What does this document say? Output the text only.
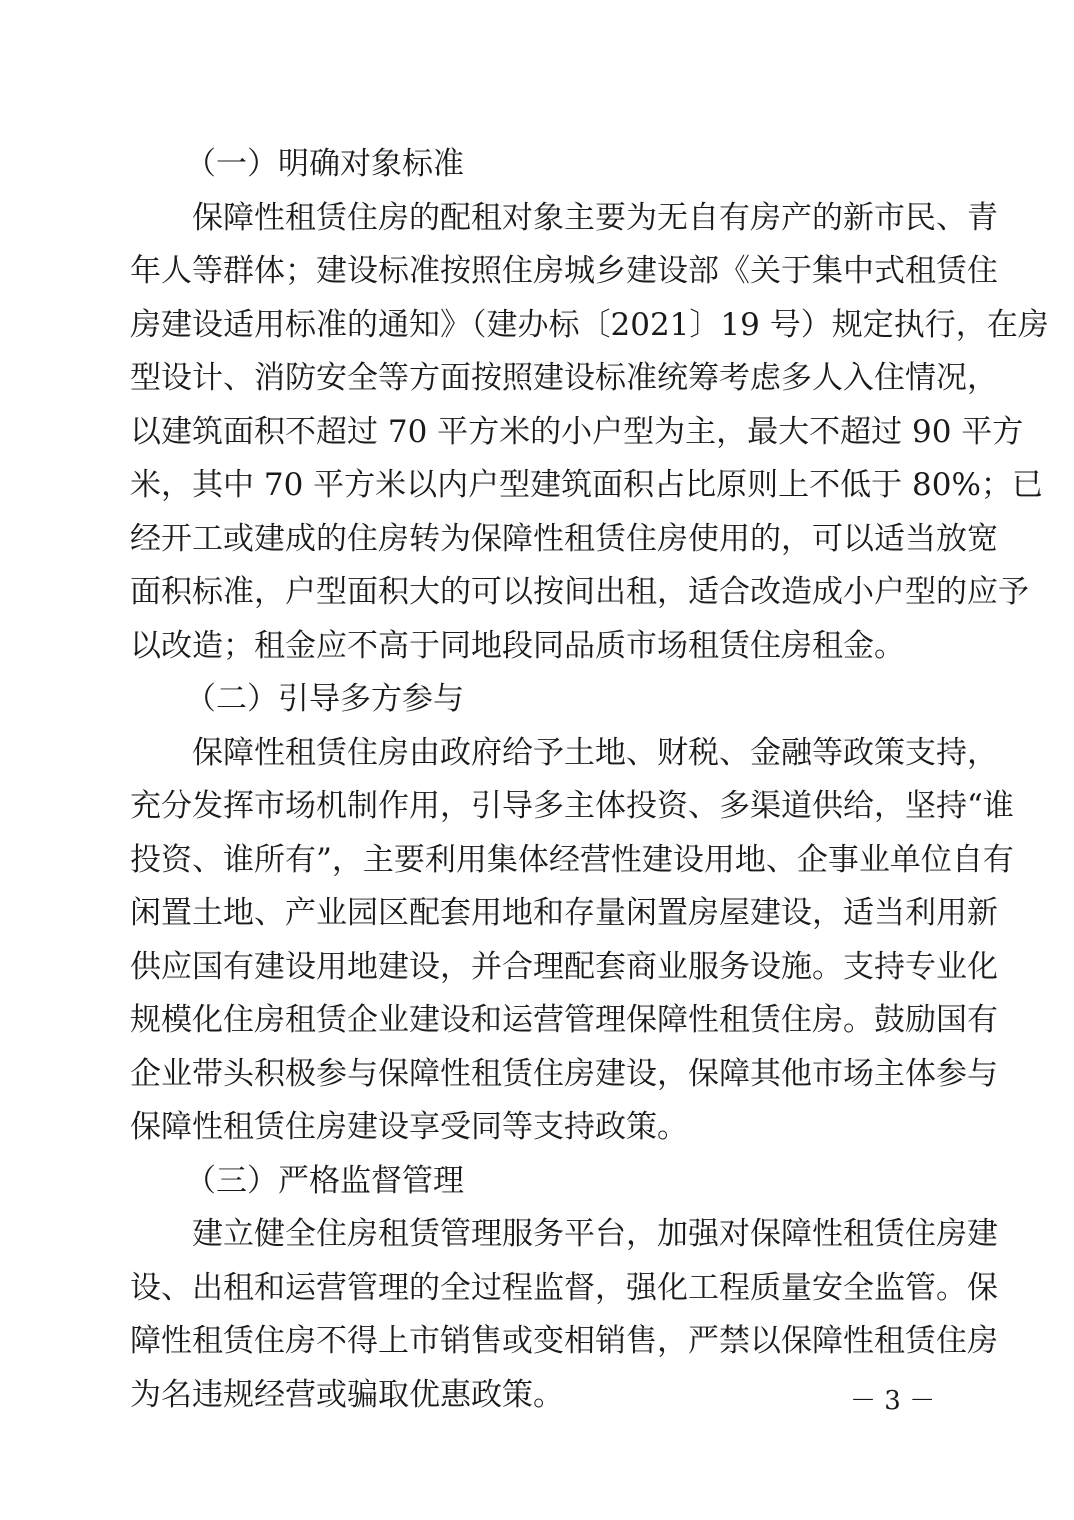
（一）明确对象标准
保障性租赁住房的配租对象主要为无自有房产的新市民、青
年人等群体；建设标准按照住房城乡建设部《关于集中式租赁住
房建设适用标准的通知》（建办标〔2021〕19 号）规定执行，在房
型设计、消防安全等方面按照建设标准统筹考虑多人入住情况，
以建筑面积不超过 70 平方米的小户型为主，最大不超过 90 平方
米，其中 70 平方米以内户型建筑面积占比原则上不低于 80%；已
经开工或建成的住房转为保障性租赁住房使用的，可以适当放宽
面积标准，户型面积大的可以按间出租，适合改造成小户型的应予
以改造；租金应不高于同地段同品质市场租赁住房租金。
（二）引导多方参与
保障性租赁住房由政府给予土地、财税、金融等政策支持，
充分发挥市场机制作用，引导多主体投资、多渠道供给，坚持“谁
投资、谁所有”，主要利用集体经营性建设用地、企事业单位自有
闲置土地、产业园区配套用地和存量闲置房屋建设，适当利用新
供应国有建设用地建设，并合理配套商业服务设施。支持专业化
规模化住房租赁企业建设和运营管理保障性租赁住房。鼓励国有
企业带头积极参与保障性租赁住房建设，保障其他市场主体参与
保障性租赁住房建设享受同等支持政策。
（三）严格监督管理
建立健全住房租赁管理服务平台，加强对保障性租赁住房建
设、出租和运营管理的全过程监督，强化工程质量安全监管。保
障性租赁住房不得上市销售或变相销售，严禁以保障性租赁住房
为名违规经营或骗取优惠政策。	－ 3 －
